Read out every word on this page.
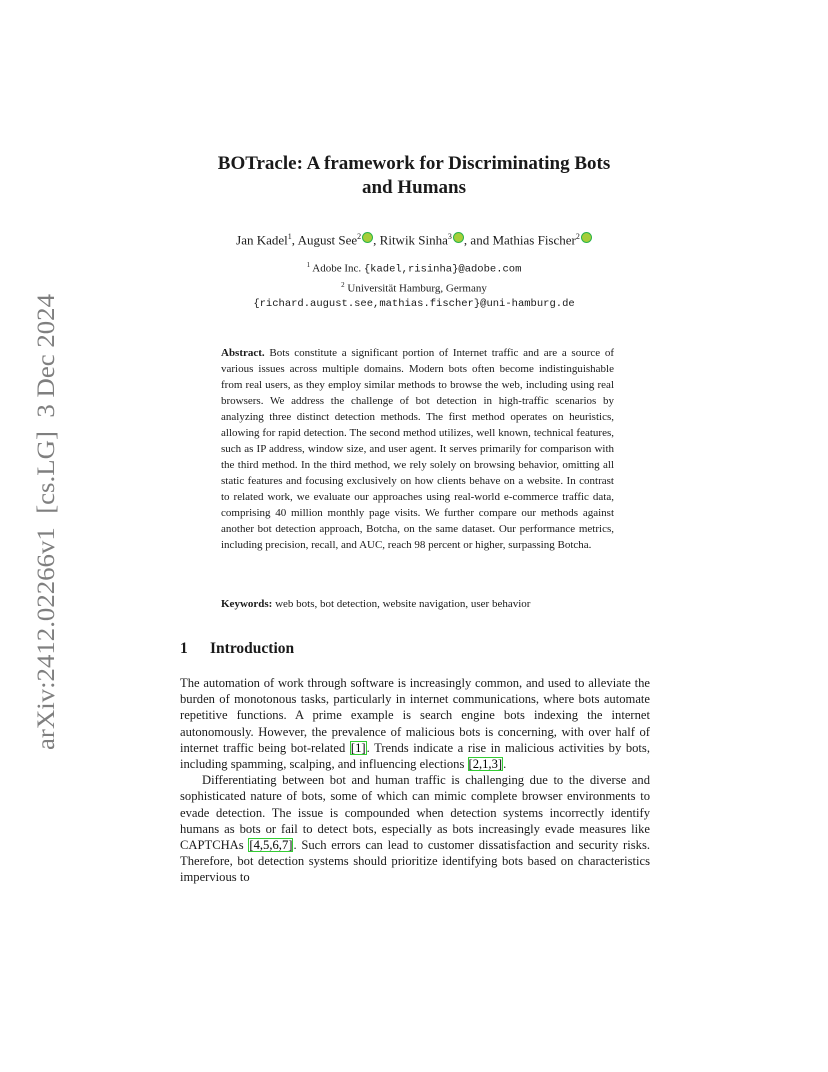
arXiv:2412.02266v1  [cs.LG]  3 Dec 2024
BOTracle: A framework for Discriminating Bots
and Humans
Jan Kadel$^1$, August See$^2$ , Ritwik Sinha$^3$ , and Mathias Fischer$^2$
$^1$ Adobe Inc. {kadel,risinha}@adobe.com
$^2$ Universität Hamburg, Germany
{richard.august.see,mathias.fischer}@uni-hamburg.de
Abstract. Bots constitute a significant portion of Internet traffic and are a source of various issues across multiple domains. Modern bots often become indistinguishable from real users, as they employ similar methods to browse the web, including using real browsers. We address the challenge of bot detection in high-traffic scenarios by analyzing three distinct detection methods. The first method operates on heuristics, allowing for rapid detection. The second method utilizes, well known, technical features, such as IP address, window size, and user agent. It serves primarily for comparison with the third method. In the third method, we rely solely on browsing behavior, omitting all static features and focusing exclusively on how clients behave on a website. In contrast to related work, we evaluate our approaches using real-world e-commerce traffic data, comprising 40 million monthly page visits. We further compare our methods against another bot detection approach, Botcha, on the same dataset. Our performance metrics, including precision, recall, and AUC, reach 98 percent or higher, surpassing Botcha.
Keywords: web bots, bot detection, website navigation, user behavior
1 Introduction

The automation of work through software is increasingly common, and used to alleviate the burden of monotonous tasks, particularly in internet communications, where bots automate repetitive functions. A prime example is search engine bots indexing the internet autonomously. However, the prevalence of malicious bots is concerning, with over half of internet traffic being bot-related [1]. Trends indicate a rise in malicious activities by bots, including spamming, scalping, and influencing elections [2,1,3].

Differentiating between bot and human traffic is challenging due to the diverse and sophisticated nature of bots, some of which can mimic complete browser environments to evade detection. The issue is compounded when detection systems incorrectly identify humans as bots or fail to detect bots, especially as bots increasingly evade measures like CAPTCHAs [4,5,6,7]. Such errors can lead to customer dissatisfaction and security risks. Therefore, bot detection systems should prioritize identifying bots based on characteristics impervious to
